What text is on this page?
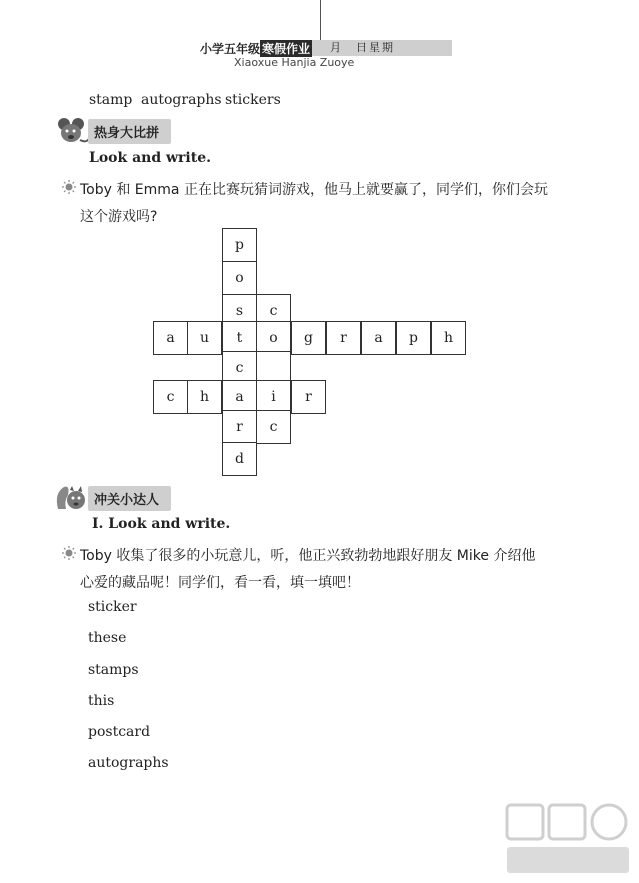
小学五年级 寒假作业	月　日星期
Xiaoxue Hanjia Zuoye
stamp autographs stickers
热身大比拼
Look and write.
Toby 和 Emma 正在比赛玩猜词游戏，他马上就要赢了，同学们，你们会玩
这个游戏吗?
p
o
s c
a u t o g r a p h
c
c h a i r
r c
d
冲关小达人
Ⅰ. Look and write.
Toby 收集了很多的小玩意儿，听，他正兴致勃勃地跟好朋友 Mike 介绍他
心爱的藏品呢！同学们，看一看，填一填吧！
sticker
these
stamps
this
postcard
autographs
